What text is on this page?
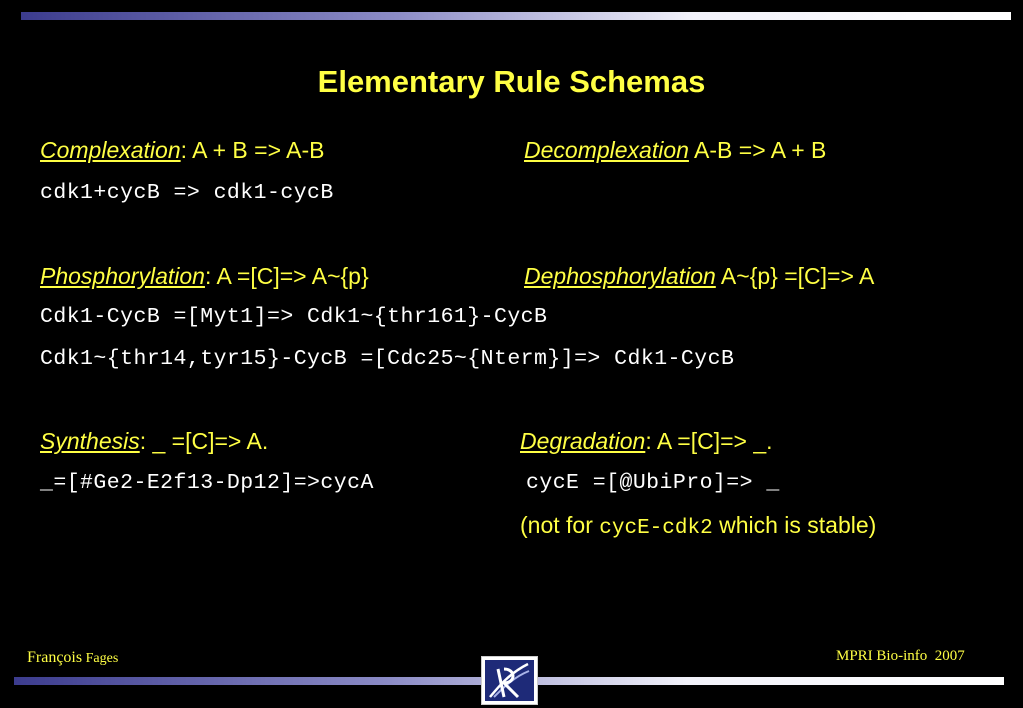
Elementary Rule Schemas
Complexation: A + B => A-B	Decomplexation A-B => A + B
cdk1+cycB => cdk1-cycB
Phosphorylation: A =[C]=> A~{p}	Dephosphorylation A~{p} =[C]=> A
Cdk1-CycB =[Myt1]=> Cdk1~{thr161}-CycB
Cdk1~{thr14,tyr15}-CycB =[Cdc25~{Nterm}]=> Cdk1-CycB
Synthesis: _ =[C]=> A.	Degradation: A =[C]=> _.
_=[#Ge2-E2f13-Dp12]=>cycA	cycE =[@UbiPro]=> _
(not for cycE-cdk2 which is stable)
François Fages	MPRI Bio-info  2007
